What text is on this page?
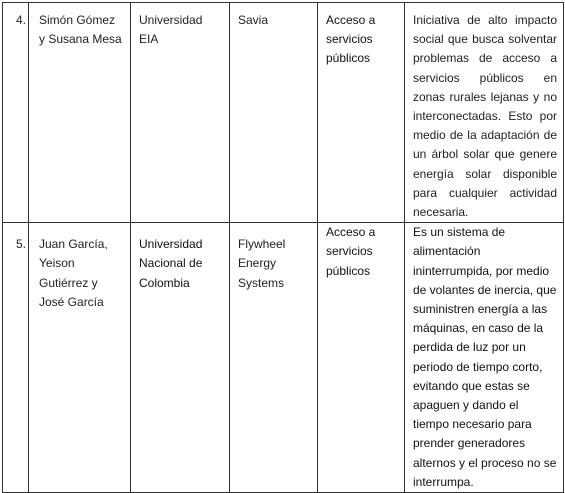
4.	Simón Gómez y Susana Mesa	Universidad EIA	Savia	Acceso a servicios públicos	Iniciativa de alto impacto social que busca solventar problemas de acceso a servicios públicos en zonas rurales lejanas y no interconectadas. Esto por medio de la adaptación de un árbol solar que genere energía solar disponible para cualquier actividad necesaria.

5.	Juan García, Yeison Gutiérrez y José García	Universidad Nacional de Colombia	Flywheel Energy Systems	Acceso a servicios públicos	Es un sistema de alimentación ininterrumpida, por medio de volantes de inercia, que suministren energía a las máquinas, en caso de la perdida de luz por un periodo de tiempo corto, evitando que estas se apaguen y dando el tiempo necesario para prender generadores alternos y el proceso no se interrumpa.
